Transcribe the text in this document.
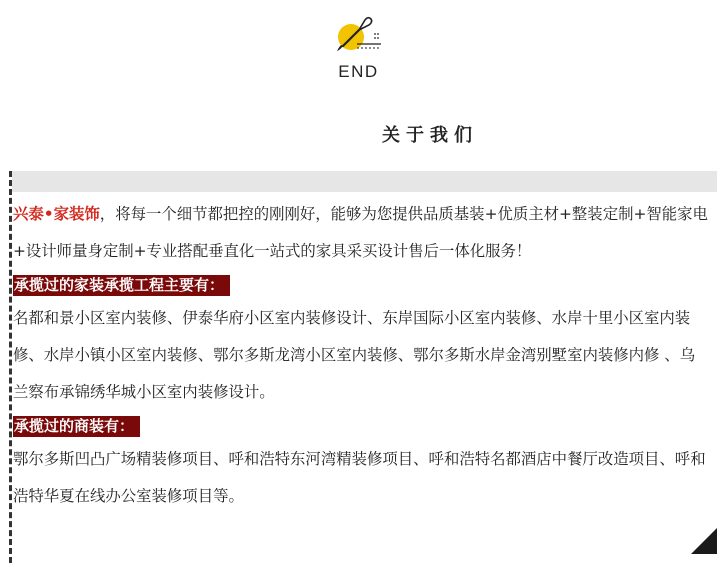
END
关于我们

兴泰•家装饰，将每一个细节都把控的刚刚好，能够为您提供品质基装+优质主材+整装定制+智能家电+设计师量身定制+专业搭配垂直化一站式的家具采买设计售后一体化服务！

承揽过的家装承揽工程主要有：

名都和景小区室内装修、伊泰华府小区室内装修设计、东岸国际小区室内装修、水岸十里小区室内装修、水岸小镇小区室内装修、鄂尔多斯龙湾小区室内装修、鄂尔多斯水岸金湾别墅室内装修内修 、乌兰察布承锦绣华城小区室内装修设计。

承揽过的商装有：

鄂尔多斯凹凸广场精装修项目、呼和浩特东河湾精装修项目、呼和浩特名都酒店中餐厅改造项目、呼和浩特华夏在线办公室装修项目等。
